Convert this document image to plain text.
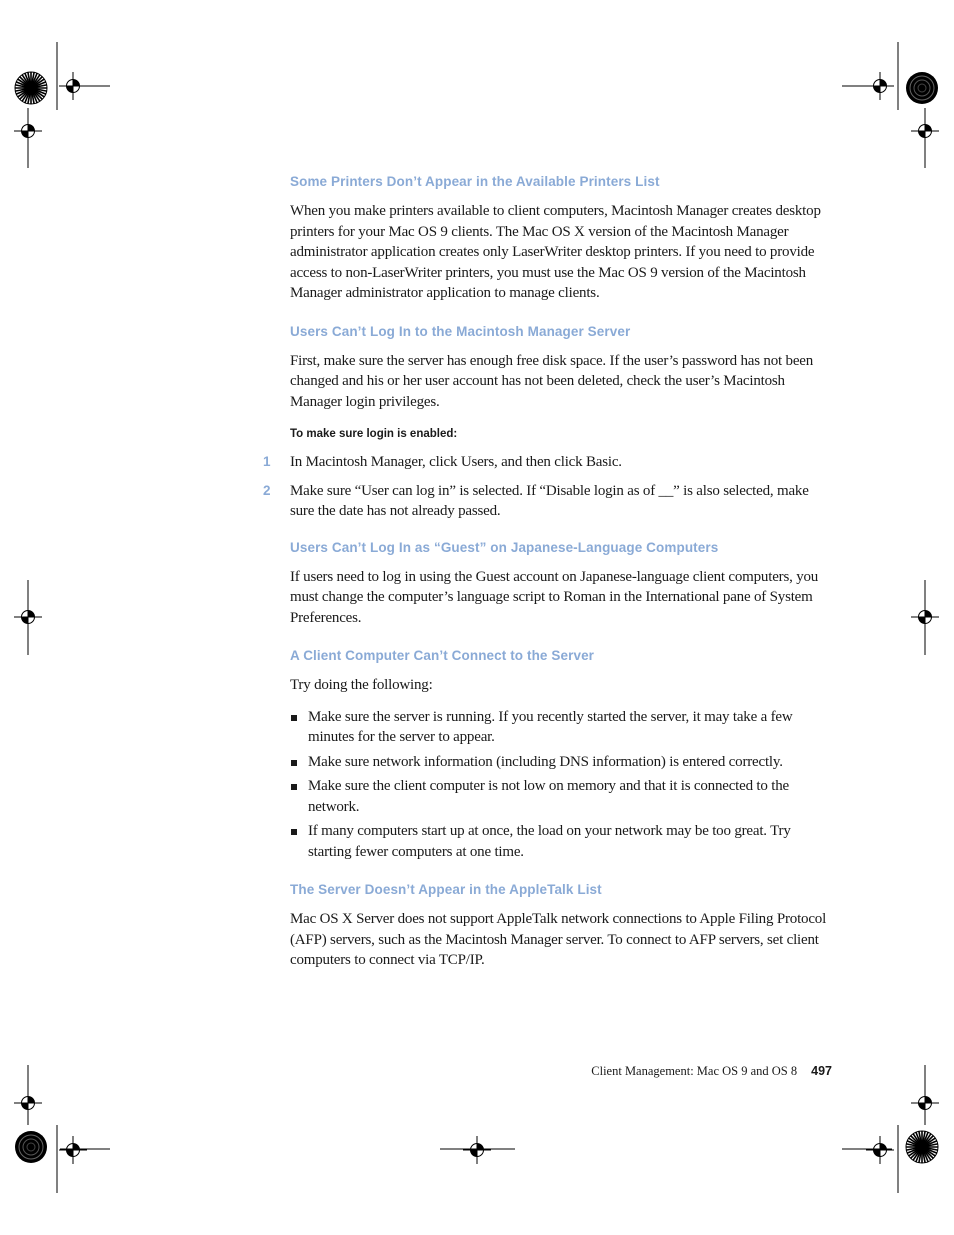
Some Printers Don’t Appear in the Available Printers List

When you make printers available to client computers, Macintosh Manager creates desktop printers for your Mac OS 9 clients. The Mac OS X version of the Macintosh Manager administrator application creates only LaserWriter desktop printers. If you need to provide access to non-LaserWriter printers, you must use the Mac OS 9 version of the Macintosh Manager administrator application to manage clients.

Users Can’t Log In to the Macintosh Manager Server

First, make sure the server has enough free disk space. If the user’s password has not been changed and his or her user account has not been deleted, check the user’s Macintosh Manager login privileges.

To make sure login is enabled:
1 In Macintosh Manager, click Users, and then click Basic.
2 Make sure “User can log in” is selected. If “Disable login as of __” is also selected, make sure the date has not already passed.
Users Can’t Log In as “Guest” on Japanese-Language Computers

If users need to log in using the Guest account on Japanese-language client computers, you must change the computer’s language script to Roman in the International pane of System Preferences.

A Client Computer Can’t Connect to the Server

Try doing the following:

Make sure the server is running. If you recently started the server, it may take a few minutes for the server to appear.
Make sure network information (including DNS information) is entered correctly.
Make sure the client computer is not low on memory and that it is connected to the network.
If many computers start up at once, the load on your network may be too great. Try starting fewer computers at one time.
The Server Doesn’t Appear in the AppleTalk List

Mac OS X Server does not support AppleTalk network connections to Apple Filing Protocol (AFP) servers, such as the Macintosh Manager server. To connect to AFP servers, set client computers to connect via TCP/IP.

Client Management: Mac OS 9 and OS 8 497
